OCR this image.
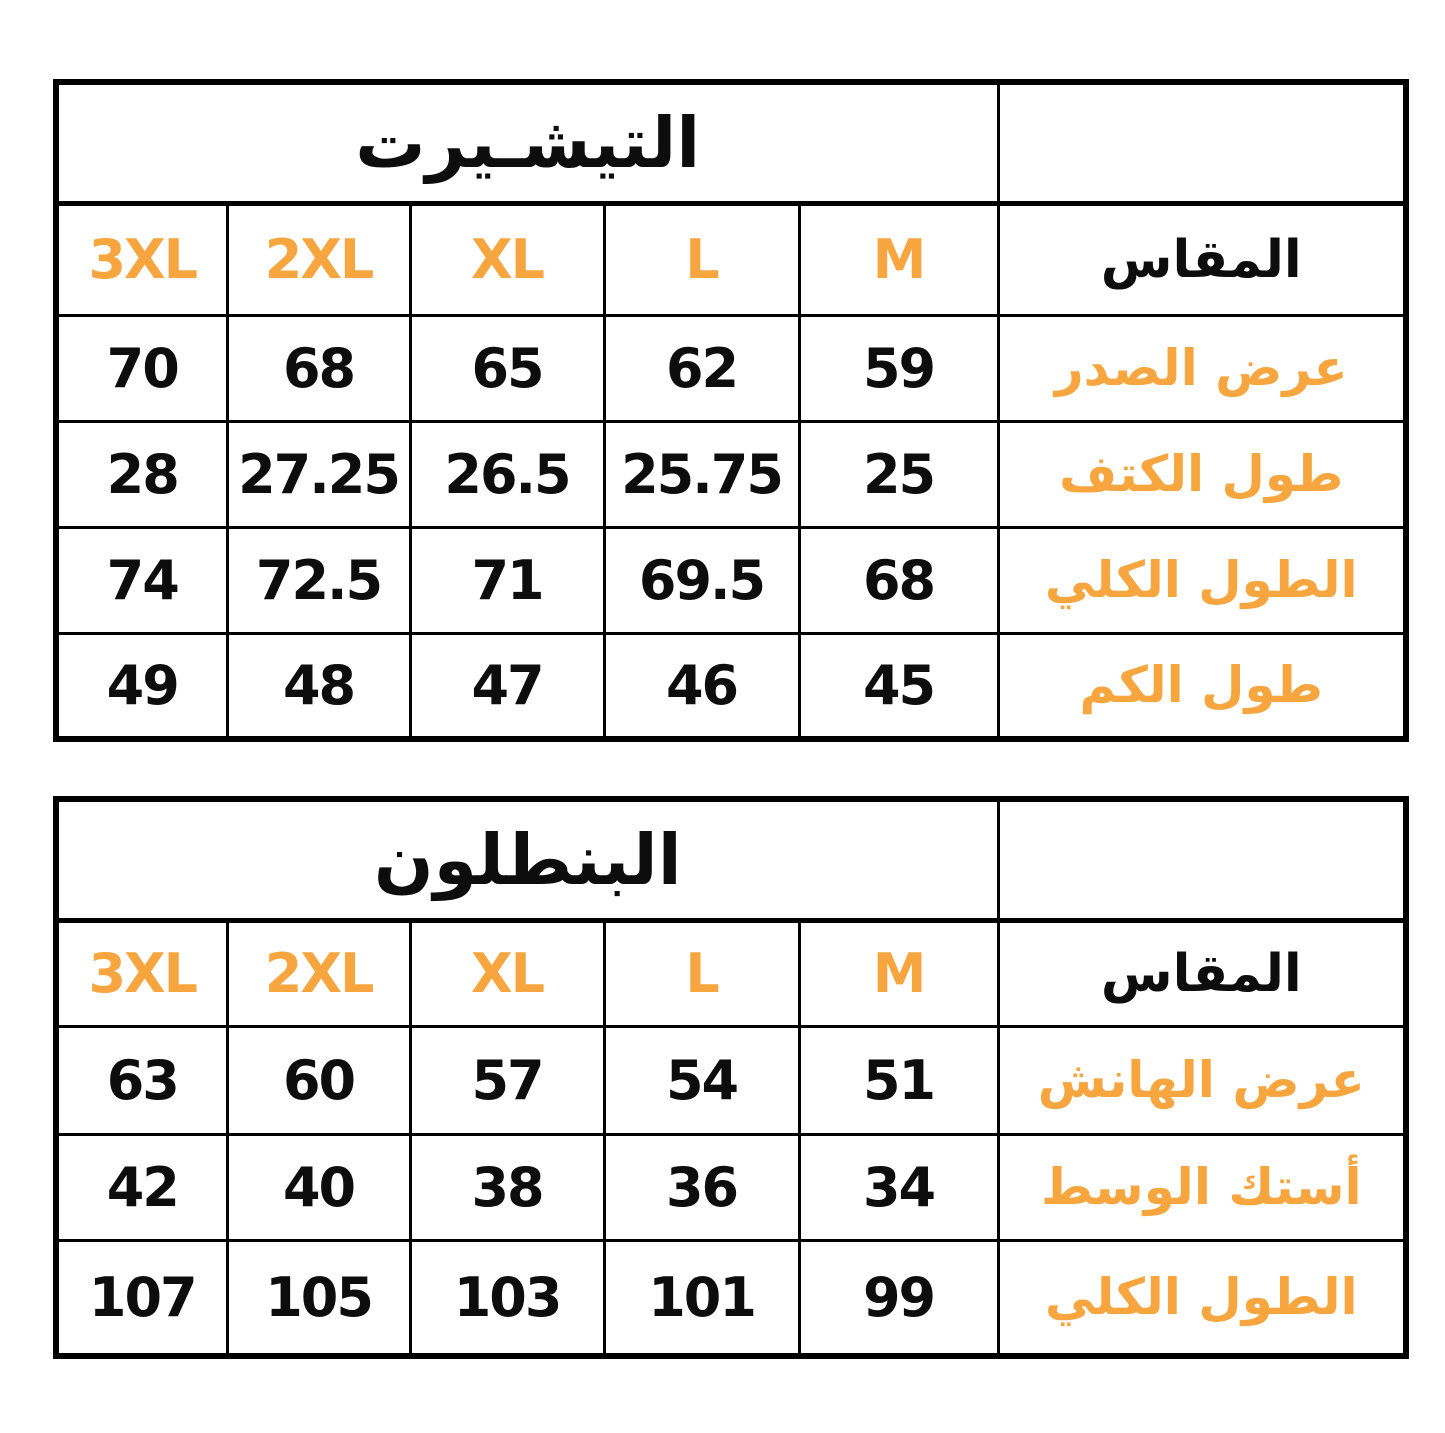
	التيشـيرت				
المقاس	M	L	XL	2XL	3XL
عرض الصدر	59	62	65	68	70
طول الكتف	25	25.75	26.5	27.25	28
الطول الكلي	68	69.5	71	72.5	74
طول الكم	45	46	47	48	49
	البنطلون				
المقاس	M	L	XL	2XL	3XL
عرض الهانش	51	54	57	60	63
أستك الوسط	34	36	38	40	42
الطول الكلي	99	101	103	105	107
